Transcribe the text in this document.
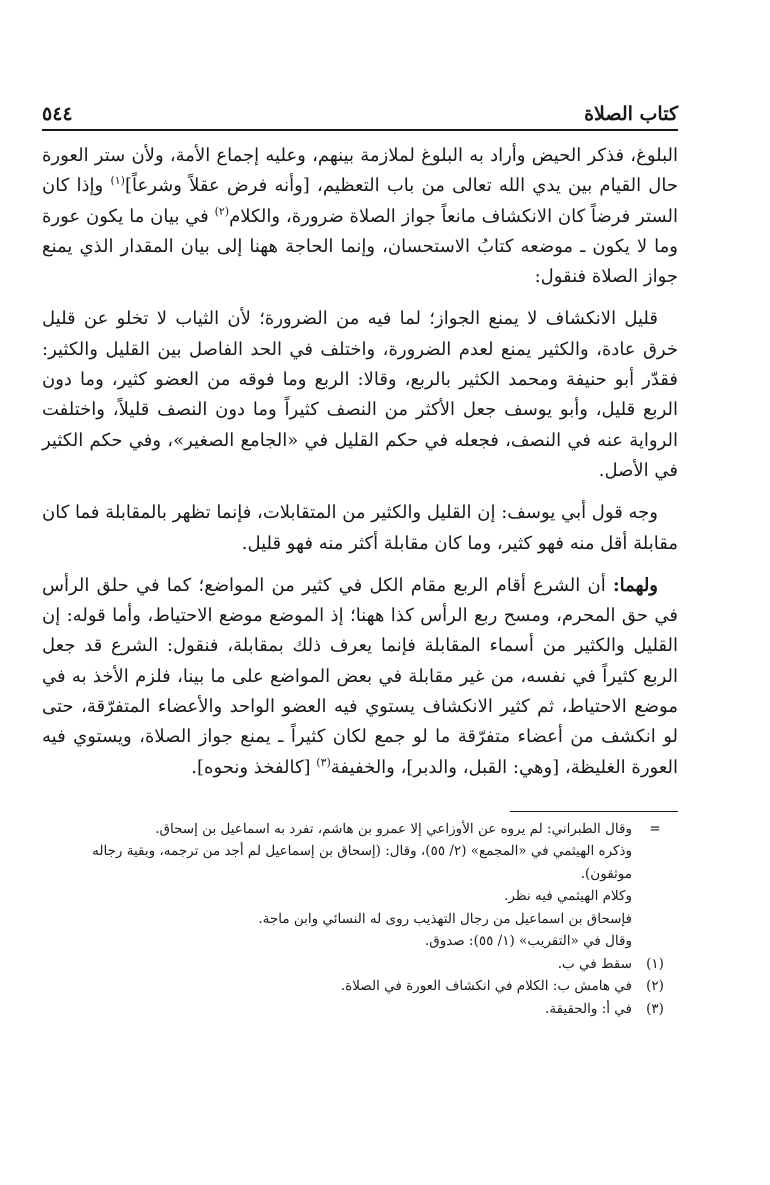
كتاب الصلاة
٥٤٤

البلوغ، فذكر الحيض وأراد به البلوغ لملازمة بينهم، وعليه إجماع الأمة، ولأن ستر العورة حال القيام بين يدي الله تعالى من باب التعظيم، [وأنه فرض عقلاً وشرعاً]$^{(١)}$ وإذا كان الستر فرضاً كان الانكشاف مانعاً جواز الصلاة ضرورة، والكلام$^{(٢)}$ في بيان ما يكون عورة وما لا يكون ـ موضعه كتابُ الاستحسان، وإنما الحاجة ههنا إلى بيان المقدار الذي يمنع جواز الصلاة فنقول:

قليل الانكشاف لا يمنع الجواز؛ لما فيه من الضرورة؛ لأن الثياب لا تخلو عن قليل خرق عادة، والكثير يمنع لعدم الضرورة، واختلف في الحد الفاصل بين القليل والكثير: فقدّر أبو حنيفة ومحمد الكثير بالربع، وقالا: الربع وما فوقه من العضو كثير، وما دون الربع قليل، وأبو يوسف جعل الأكثر من النصف كثيراً وما دون النصف قليلاً، واختلفت الرواية عنه في النصف، فجعله في حكم القليل في «الجامع الصغير»، وفي حكم الكثير في الأصل.

وجه قول أبي يوسف: إن القليل والكثير من المتقابلات، فإنما تظهر بالمقابلة فما كان مقابلة أقل منه فهو كثير، وما كان مقابلة أكثر منه فهو قليل.

ولهما: أن الشرع أقام الربع مقام الكل في كثير من المواضع؛ كما في حلق الرأس في حق المحرم، ومسح ربع الرأس كذا ههنا؛ إذ الموضع موضع الاحتياط، وأما قوله: إن القليل والكثير من أسماء المقابلة فإنما يعرف ذلك بمقابلة، فنقول: الشرع قد جعل الربع كثيراً في نفسه، من غير مقابلة في بعض المواضع على ما بينا، فلزم الأخذ به في موضع الاحتياط، ثم كثير الانكشاف يستوي فيه العضو الواحد والأعضاء المتفرّقة، حتى لو انكشف من أعضاء متفرّقة ما لو جمع لكان كثيراً ـ يمنع جواز الصلاة، ويستوي فيه العورة الغليظة، [وهي: القبل، والدبر]، والخفيفة$^{(٣)}$ [كالفخذ ونحوه].

=
وقال الطبراني: لم يروه عن الأوزاعي إلا عمرو بن هاشم، تفرد به اسماعيل بن إسحاق.
وذكره الهيثمي في «المجمع» (٢/ ٥٥)، وقال: (إسحاق بن إسماعيل لم أجد من ترجمه، وبقية رجاله موثقون).
وكلام الهيثمي فيه نظر.
فإسحاق بن اسماعيل من رجال التهذيب روى له النسائي وابن ماجة.
وقال في «التقريب» (١/ ٥٥): صدوق.
(١)
سقط في ب.
(٢)
في هامش ب: الكلام في انكشاف العورة في الصلاة.
(٣)
في أ: والحقيقة.
